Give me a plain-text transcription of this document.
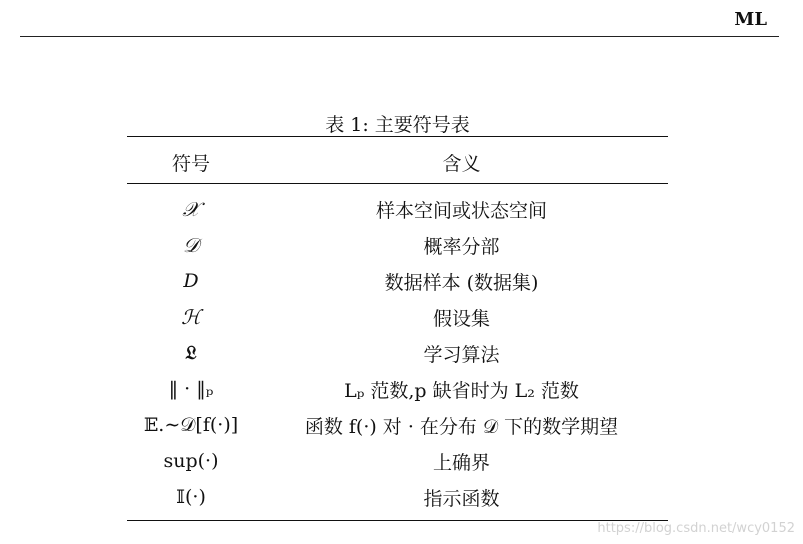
ML
表 1: 主要符号表
符号	含义
𝒳	样本空间或状态空间
𝒟	概率分部
D	数据样本 (数据集)
ℋ	假设集
𝔏	学习算法
‖ · ‖ₚ	Lₚ 范数,p 缺省时为 L₂ 范数
𝔼.∼𝒟[f(·)]	函数 f(·) 对 · 在分布 𝒟 下的数学期望
sup(·)	上确界
𝕀(·)	指示函数
https://blog.csdn.net/wcy0152
